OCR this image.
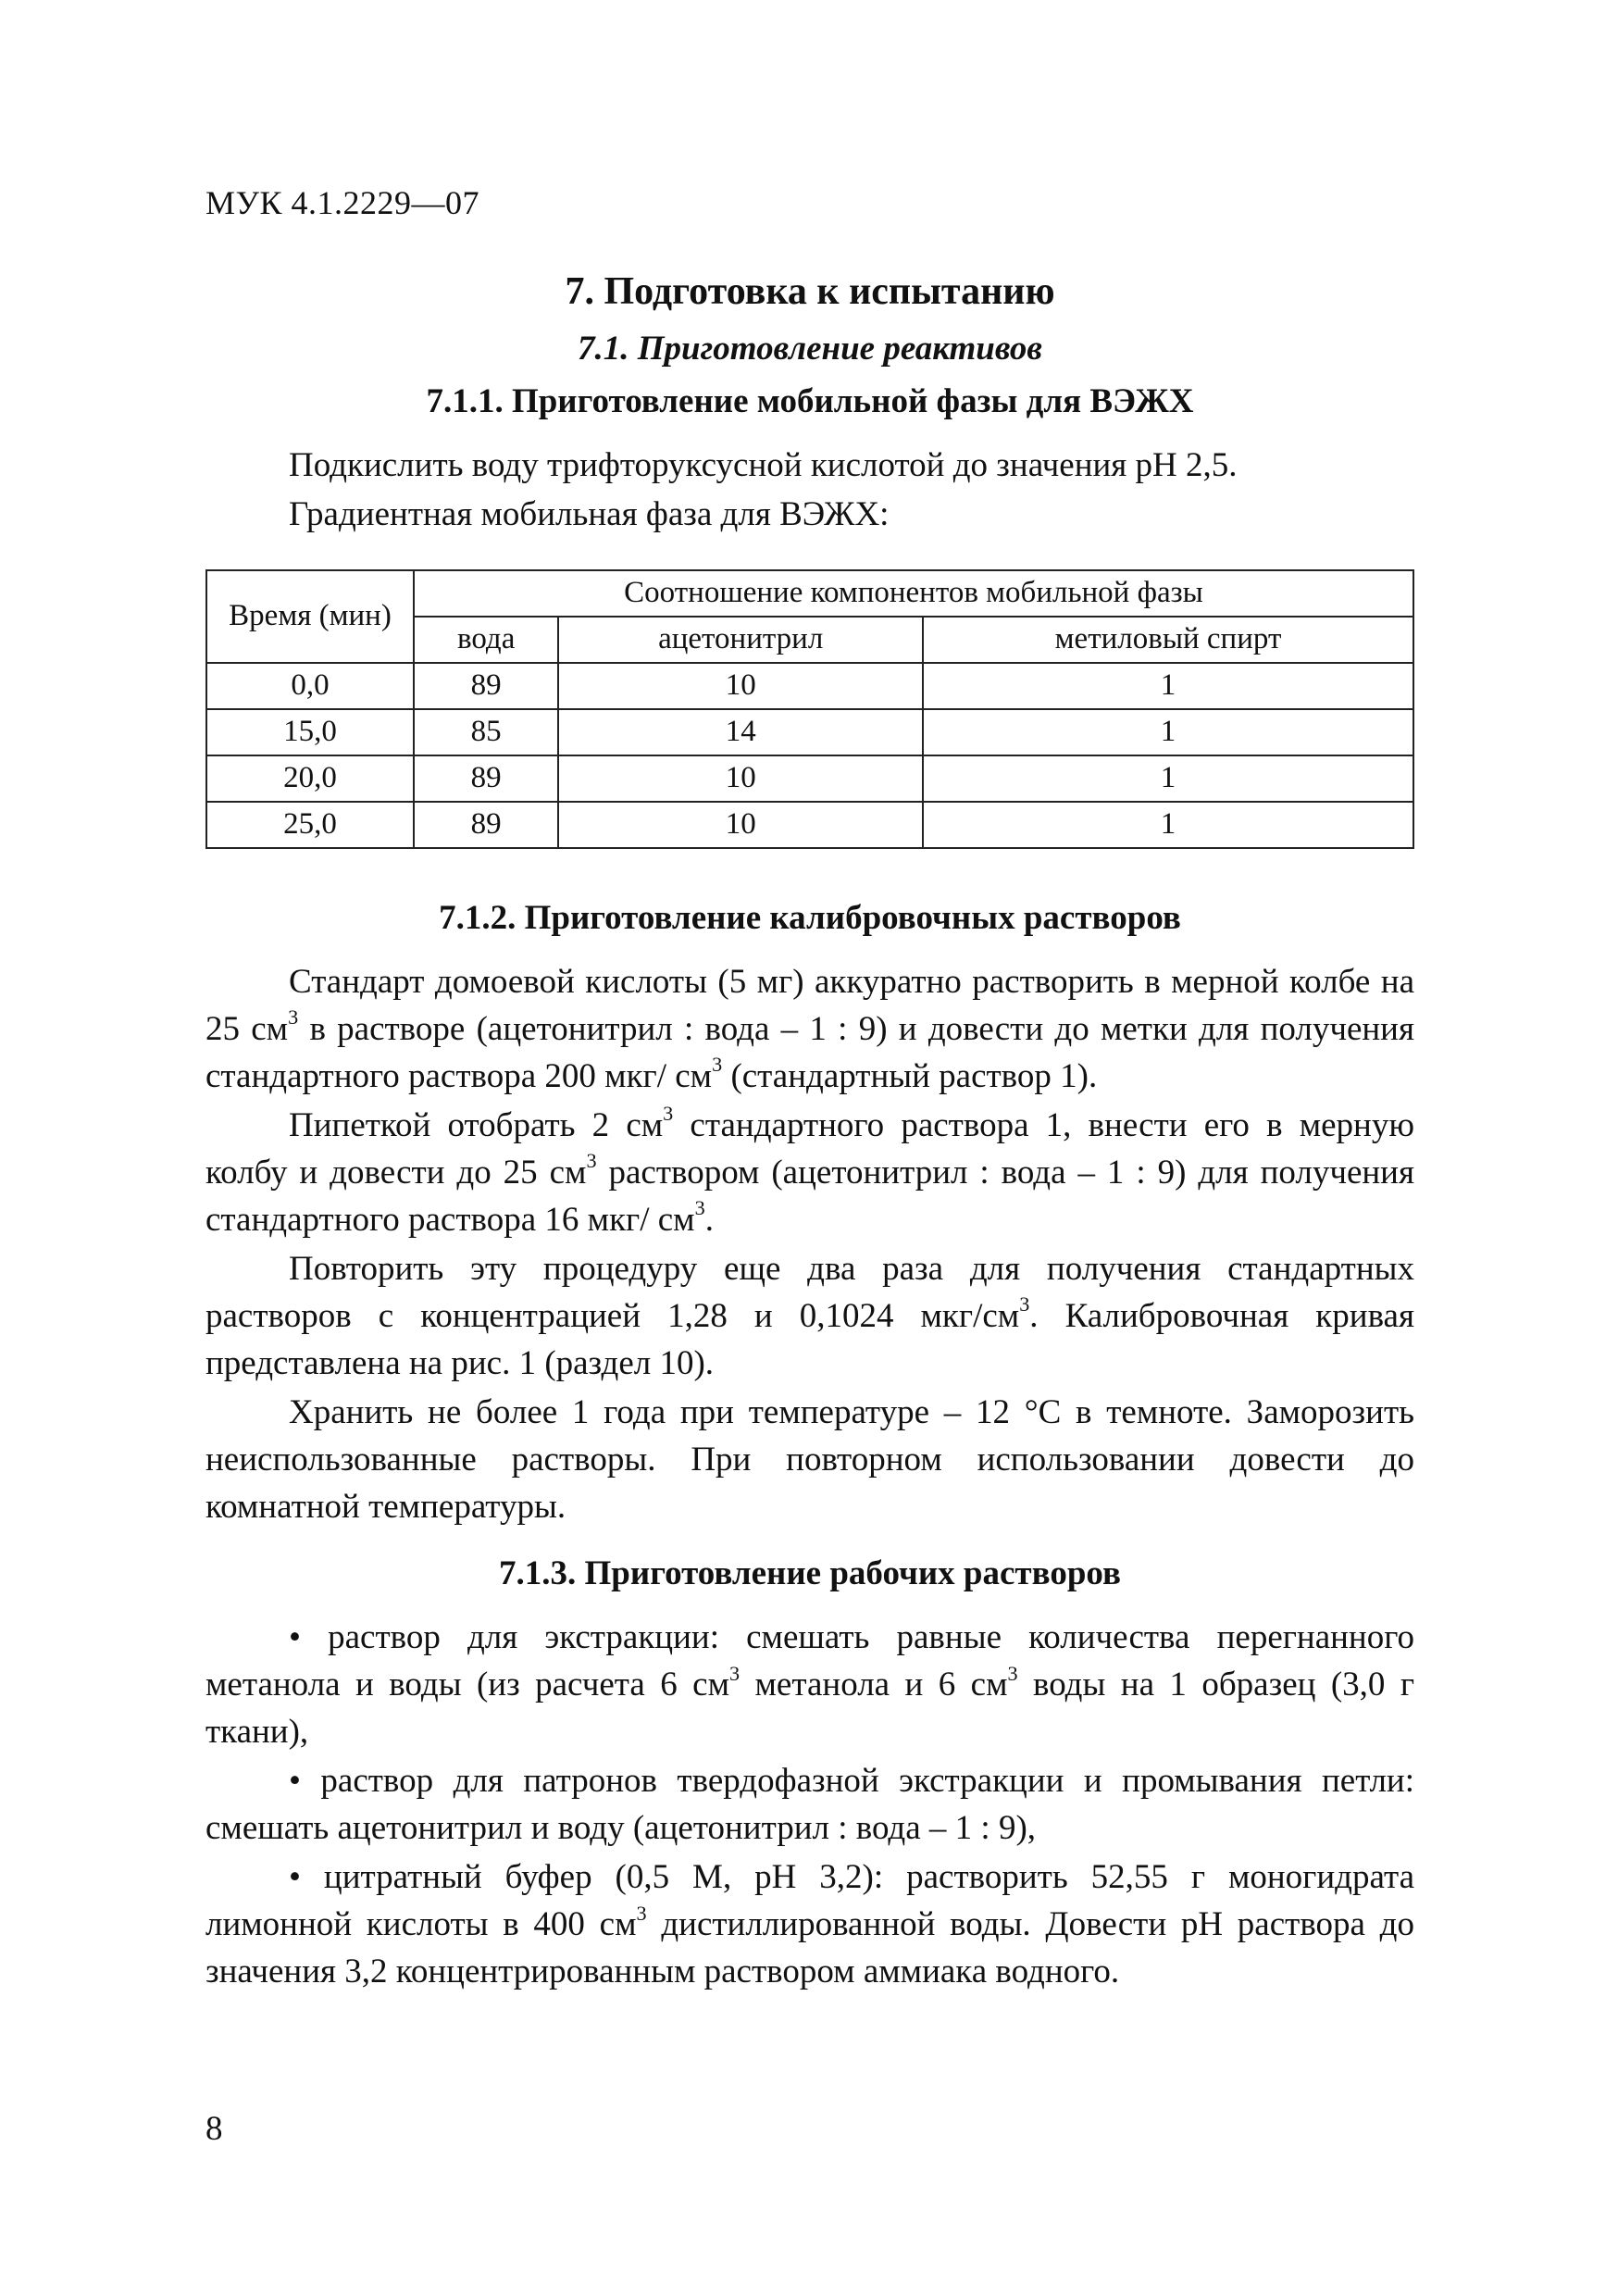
МУК 4.1.2229—07
7. Подготовка к испытанию
7.1. Приготовление реактивов
7.1.1. Приготовление мобильной фазы для ВЭЖХ

Подкислить воду трифторуксусной кислотой до значения pH 2,5.

Градиентная мобильная фаза для ВЭЖХ:

Время (мин)	Соотношение компонентов мобильной фазы		
	вода	ацетонитрил	метиловый спирт
0,0	89	10	1
15,0	85	14	1
20,0	89	10	1
25,0	89	10	1
7.1.2. Приготовление калибровочных растворов

Стандарт домоевой кислоты (5 мг) аккуратно растворить в мерной колбе на 25 $см^3$ в растворе (ацетонитрил : вода – 1 : 9) и довести до метки для получения стандартного раствора 200 мкг/ $см^3$ (стандартный раствор 1).

Пипеткой отобрать 2 $см^3$ стандартного раствора 1, внести его в мерную колбу и довести до 25 $см^3$ раствором (ацетонитрил : вода – 1 : 9) для получения стандартного раствора 16 мкг/ $см^3$.

Повторить эту процедуру еще два раза для получения стандартных растворов с концентрацией 1,28 и 0,1024 мкг/$см^3$. Калибровочная кривая представлена на рис. 1 (раздел 10).

Хранить не более 1 года при температуре – 12 °С в темноте. Заморозить неиспользованные растворы. При повторном использовании довести до комнатной температуры.

7.1.3. Приготовление рабочих растворов

• раствор для экстракции: смешать равные количества перегнанного метанола и воды (из расчета 6 $см^3$ метанола и 6 $см^3$ воды на 1 образец (3,0 г ткани),

• раствор для патронов твердофазной экстракции и промывания петли: смешать ацетонитрил и воду (ацетонитрил : вода – 1 : 9),

• цитратный буфер (0,5 М, pH 3,2): растворить 52,55 г моногидрата лимонной кислоты в 400 $см^3$ дистиллированной воды. Довести pH раствора до значения 3,2 концентрированным раствором аммиака водного.

8
